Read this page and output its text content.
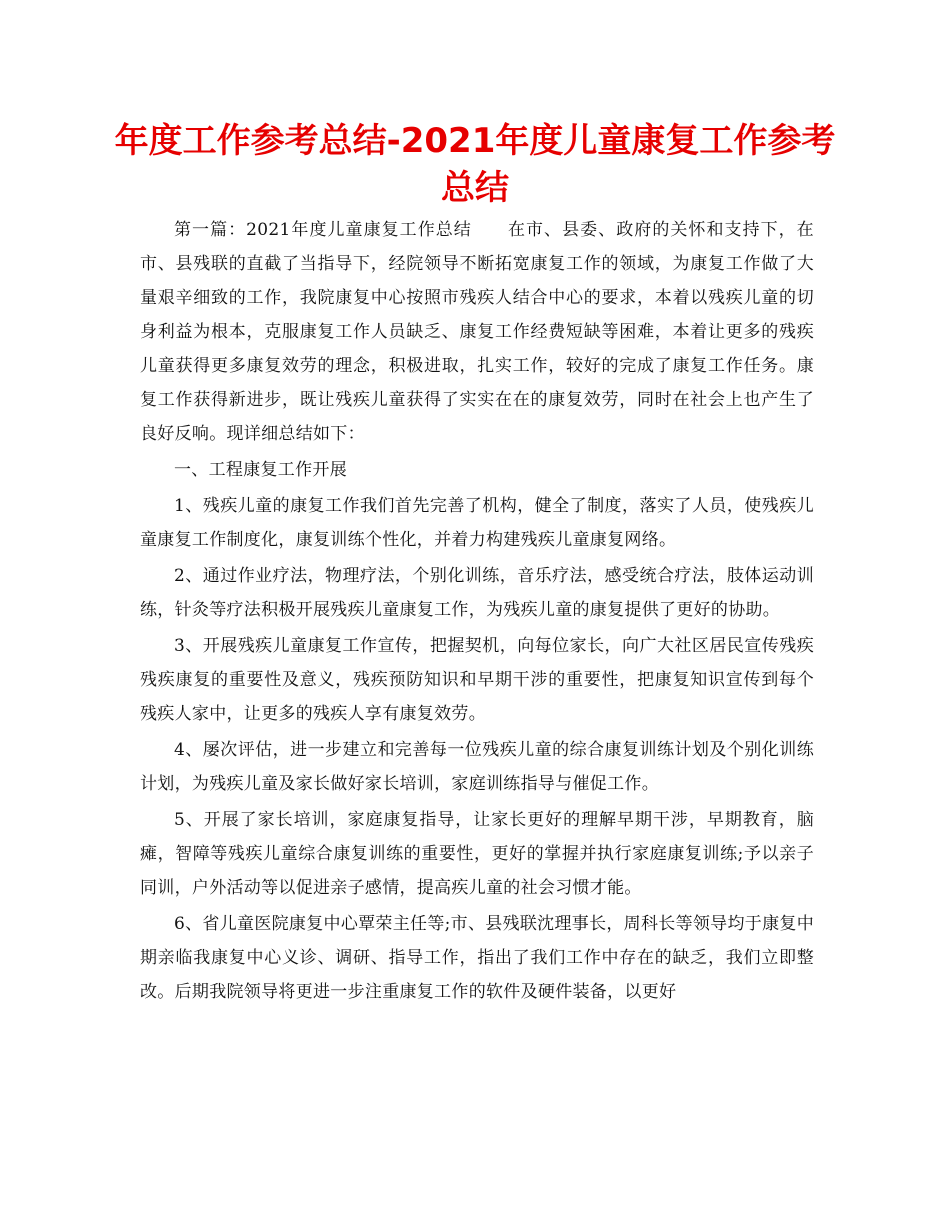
年度工作参考总结-2021年度儿童康复工作参考总结

第一篇：2021年度儿童康复工作总结　　在市、县委、政府的关怀和支持下，在市、县残联的直截了当指导下，经院领导不断拓宽康复工作的领域，为康复工作做了大量艰辛细致的工作，我院康复中心按照市残疾人结合中心的要求，本着以残疾儿童的切身利益为根本，克服康复工作人员缺乏、康复工作经费短缺等困难，本着让更多的残疾儿童获得更多康复效劳的理念，积极进取，扎实工作，较好的完成了康复工作任务。康复工作获得新进步，既让残疾儿童获得了实实在在的康复效劳，同时在社会上也产生了良好反响。现详细总结如下：

一、工程康复工作开展

1、残疾儿童的康复工作我们首先完善了机构，健全了制度，落实了人员，使残疾儿童康复工作制度化，康复训练个性化，并着力构建残疾儿童康复网络。

2、通过作业疗法，物理疗法，个别化训练，音乐疗法，感受统合疗法，肢体运动训练，针灸等疗法积极开展残疾儿童康复工作，为残疾儿童的康复提供了更好的协助。

3、开展残疾儿童康复工作宣传，把握契机，向每位家长，向广大社区居民宣传残疾残疾康复的重要性及意义，残疾预防知识和早期干涉的重要性，把康复知识宣传到每个残疾人家中，让更多的残疾人享有康复效劳。

4、屡次评估，进一步建立和完善每一位残疾儿童的综合康复训练计划及个别化训练计划，为残疾儿童及家长做好家长培训，家庭训练指导与催促工作。

5、开展了家长培训，家庭康复指导，让家长更好的理解早期干涉，早期教育，脑瘫，智障等残疾儿童综合康复训练的重要性，更好的掌握并执行家庭康复训练;予以亲子同训，户外活动等以促进亲子感情，提高疾儿童的社会习惯才能。

6、省儿童医院康复中心覃荣主任等;市、县残联沈理事长，周科长等领导均于康复中期亲临我康复中心义诊、调研、指导工作，指出了我们工作中存在的缺乏，我们立即整改。后期我院领导将更进一步注重康复工作的软件及硬件装备，以更好
